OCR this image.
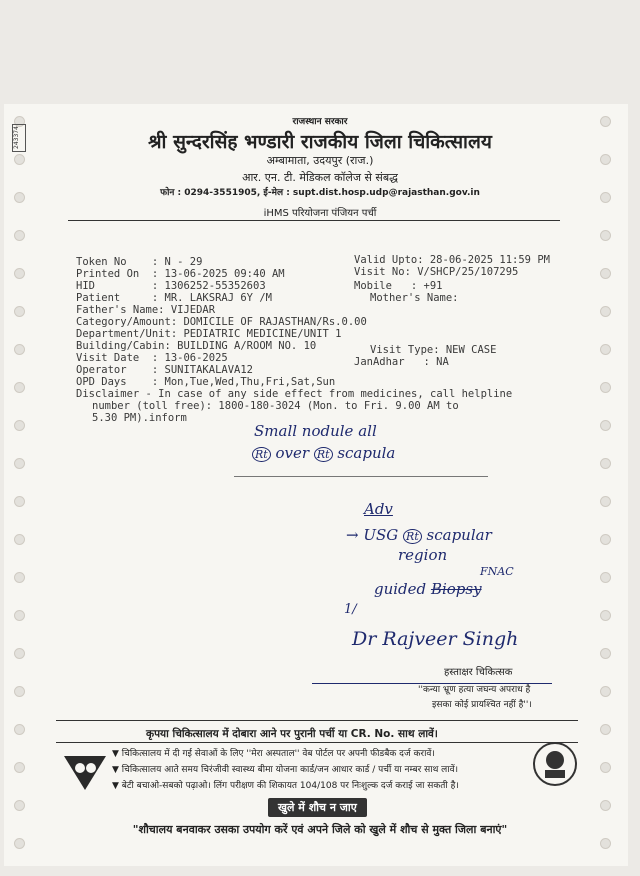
243374
राजस्थान सरकार
श्री सुन्दरसिंह भण्डारी राजकीय जिला चिकित्सालय
अम्बामाता, उदयपुर (राज.)
आर. एन. टी. मेडिकल कॉलेज से संबद्ध
फोन : 0294-3551905, ई-मेल : supt.dist.hosp.udp@rajasthan.gov.in
iHMS परियोजना पंजियन पर्ची
Token No    : N - 29
Printed On  : 13-06-2025 09:40 AM
HID         : 1306252-55352603
Patient     : MR. LAKSRAJ 6Y /M
Father's Name: VIJEDAR
Category/Amount: DOMICILE OF RAJASTHAN/Rs.0.00
Department/Unit: PEDIATRIC MEDICINE/UNIT 1
Building/Cabin: BUILDING A/ROOM NO. 10
Visit Date  : 13-06-2025
Operator    : SUNITAKALAVA12
OPD Days    : Mon,Tue,Wed,Thu,Fri,Sat,Sun
Disclaimer - In case of any side effect from medicines, call helpline
number (toll free): 1800-180-3024 (Mon. to Fri. 9.00 AM to
5.30 PM).inform
Valid Upto: 28-06-2025 11:59 PM
Visit No: V/SHCP/25/107295
Mobile   : +91
Mother's Name:
Visit Type: NEW CASE
JanAdhar   : NA
Small nodule all
Rt over Rt scapula
Adv
→ USG Rt scapular
region
FNAC
guided Biopsy
1/
Dr Rajveer Singh
हस्ताक्षर चिकित्सक
''कन्या भ्रूण हत्या जघन्य अपराध है
इसका कोई प्रायश्चित नहीं है''।
कृपया चिकित्सालय में दोबारा आने पर पुरानी पर्ची या CR. No. साथ लावें।
▼ चिकित्सालय में दी गई सेवाओं के लिए ''मेरा अस्पताल'' वेब पोर्टल पर अपनी फीडबैक दर्ज करावें।
▼ चिकित्सालय आते समय चिरंजीवी स्वास्थ्य बीमा योजना कार्ड/जन आधार कार्ड / पर्ची या नम्बर साथ लावें।
▼ बेटी बचाओ-सबको पढ़ाओ। लिंग परीक्षण की शिकायत 104/108 पर निःशुल्क दर्ज कराई जा सकती है।
खुले में शौच न जाए
"शौचालय बनवाकर उसका उपयोग करें एवं अपने जिले को खुले में शौच से मुक्त जिला बनाएं"
